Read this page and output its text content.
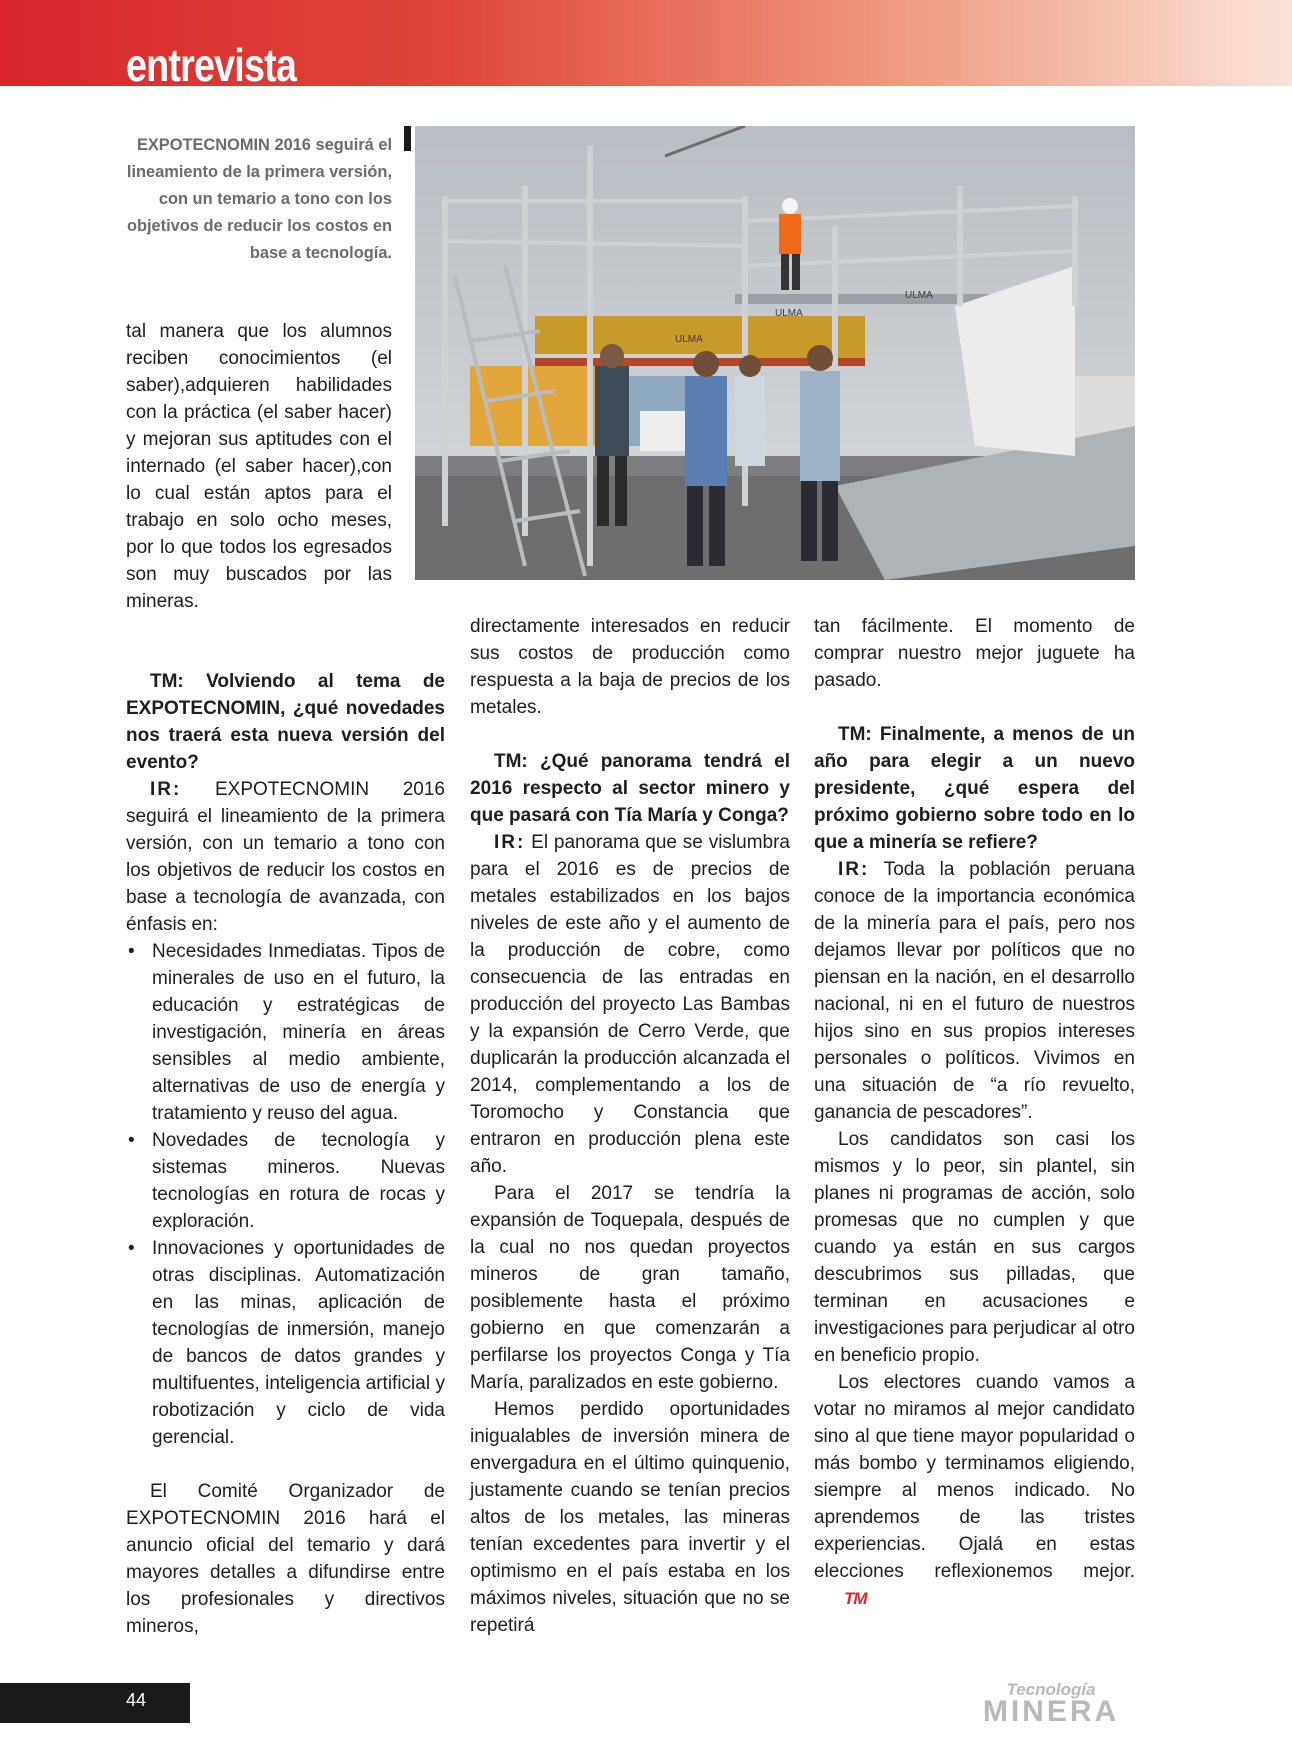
entrevista
EXPOTECNOMIN 2016 seguirá el lineamiento de la primera versión, con un temario a tono con los objetivos de reducir los costos en base a tecnología.
ULMA
ULMA
ULMA

tal manera que los alumnos reciben conocimientos (el saber),adquieren habilidades con la práctica (el saber hacer) y mejoran sus aptitudes con el internado (el saber hacer),con lo cual están aptos para el trabajo en solo ocho meses, por lo que todos los egresados son muy buscados por las mineras.

TM: Volviendo al tema de EXPOTECNOMIN, ¿qué novedades nos traerá esta nueva versión del evento?

IR: EXPOTECNOMIN 2016 seguirá el lineamiento de la primera versión, con un temario a tono con los objetivos de reducir los costos en base a tecnología de avanzada, con énfasis en:

• Necesidades Inmediatas. Tipos de minerales de uso en el futuro, la educación y estratégicas de investigación, minería en áreas sensibles al medio ambiente, alternativas de uso de energía y tratamiento y reuso del agua.

• Novedades de tecnología y sistemas mineros. Nuevas tecnologías en rotura de rocas y exploración.

• Innovaciones y oportunidades de otras disciplinas. Automatización en las minas, aplicación de tecnologías de inmersión, manejo de bancos de datos grandes y multifuentes, inteligencia artificial y robotización y ciclo de vida gerencial.

El Comité Organizador de EXPOTECNOMIN 2016 hará el anuncio oficial del temario y dará mayores detalles a difundirse entre los profesionales y directivos mineros,

directamente interesados en reducir sus costos de producción como respuesta a la baja de precios de los metales.

TM: ¿Qué panorama tendrá el 2016 respecto al sector minero y que pasará con Tía María y Conga?

IR: El panorama que se vislumbra para el 2016 es de precios de metales estabilizados en los bajos niveles de este año y el aumento de la producción de cobre, como consecuencia de las entradas en producción del proyecto Las Bambas y la expansión de Cerro Verde, que duplicarán la producción alcanzada el 2014, complementando a los de Toromocho y Constancia que entraron en producción plena este año.

Para el 2017 se tendría la expansión de Toquepala, después de la cual no nos quedan proyectos mineros de gran tamaño, posiblemente hasta el próximo gobierno en que comenzarán a perfilarse los proyectos Conga y Tía María, paralizados en este gobierno.

Hemos perdido oportunidades inigualables de inversión minera de envergadura en el último quinquenio, justamente cuando se tenían precios altos de los metales, las mineras tenían excedentes para invertir y el optimismo en el país estaba en los máximos niveles, situación que no se repetirá

tan fácilmente. El momento de comprar nuestro mejor juguete ha pasado.

TM: Finalmente, a menos de un año para elegir a un nuevo presidente, ¿qué espera del próximo gobierno sobre todo en lo que a minería se refiere?

IR: Toda la población peruana conoce de la importancia económica de la minería para el país, pero nos dejamos llevar por políticos que no piensan en la nación, en el desarrollo nacional, ni en el futuro de nuestros hijos sino en sus propios intereses personales o políticos. Vivimos en una situación de “a río revuelto, ganancia de pescadores”.

Los candidatos son casi los mismos y lo peor, sin plantel, sin planes ni programas de acción, solo promesas que no cumplen y que cuando ya están en sus cargos descubrimos sus pilladas, que terminan en acusaciones e investigaciones para perjudicar al otro en beneficio propio.

Los electores cuando vamos a votar no miramos al mejor candidato sino al que tiene mayor popularidad o más bombo y terminamos eligiendo, siempre al menos indicado. No aprendemos de las tristes experiencias. Ojalá en estas elecciones reflexionemos mejor.TM

44
Tecnología
MINERA
